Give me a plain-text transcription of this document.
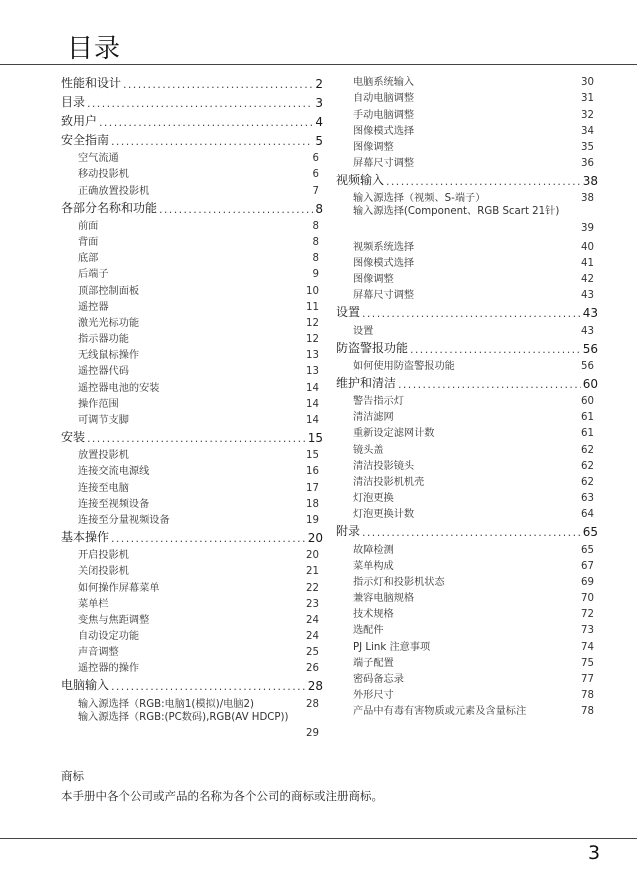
目录
性能和设计 .....	2
目录 .....	3
致用户 .....	4
安全指南 .....	5
空气流通	6
移动投影机	6
正确放置投影机	7
各部分名称和功能 .....	8
前面	8
背面	8
底部	8
后端子	9
顶部控制面板	10
遥控器	11
激光光标功能	12
指示器功能	12
无线鼠标操作	13
遥控器代码	13
遥控器电池的安装	14
操作范围	14
可调节支脚	14
安装 .....	15
放置投影机	15
连接交流电源线	16
连接至电脑	17
连接至视频设备	18
连接至分量视频设备	19
基本操作 .....	20
开启投影机	20
关闭投影机	21
如何操作屏幕菜单	22
菜单栏	23
变焦与焦距调整	24
自动设定功能	24
声音调整	25
遥控器的操作	26
电脑输入 .....	28
输入源选择（RGB:电脑1(模拟)/电脑2)	28
输入源选择（RGB:(PC数码),RGB(AV HDCP))
29
电脑系统输入	30
自动电脑调整	31
手动电脑调整	32
图像模式选择	34
图像调整	35
屏幕尺寸调整	36
视频输入 .....	38
输入源选择（视频、S-端子）	38
输入源选择(Component、RGB Scart 21针)
39
视频系统选择	40
图像模式选择	41
图像调整	42
屏幕尺寸调整	43
设置 .....	43
设置	43
防盗警报功能 .....	56
如何使用防盗警报功能	56
维护和清洁 .....	60
警告指示灯	60
清洁滤网	61
重新设定滤网计数	61
镜头盖	62
清洁投影镜头	62
清洁投影机机壳	62
灯泡更换	63
灯泡更换计数	64
附录 .....	65
故障检测	65
菜单构成	67
指示灯和投影机状态	69
兼容电脑规格	70
技术规格	72
选配件	73
PJ Link 注意事项	74
端子配置	75
密码备忘录	77
外形尺寸	78
产品中有毒有害物质或元素及含量标注	78
商标
本手册中各个公司或产品的名称为各个公司的商标或注册商标。
3
